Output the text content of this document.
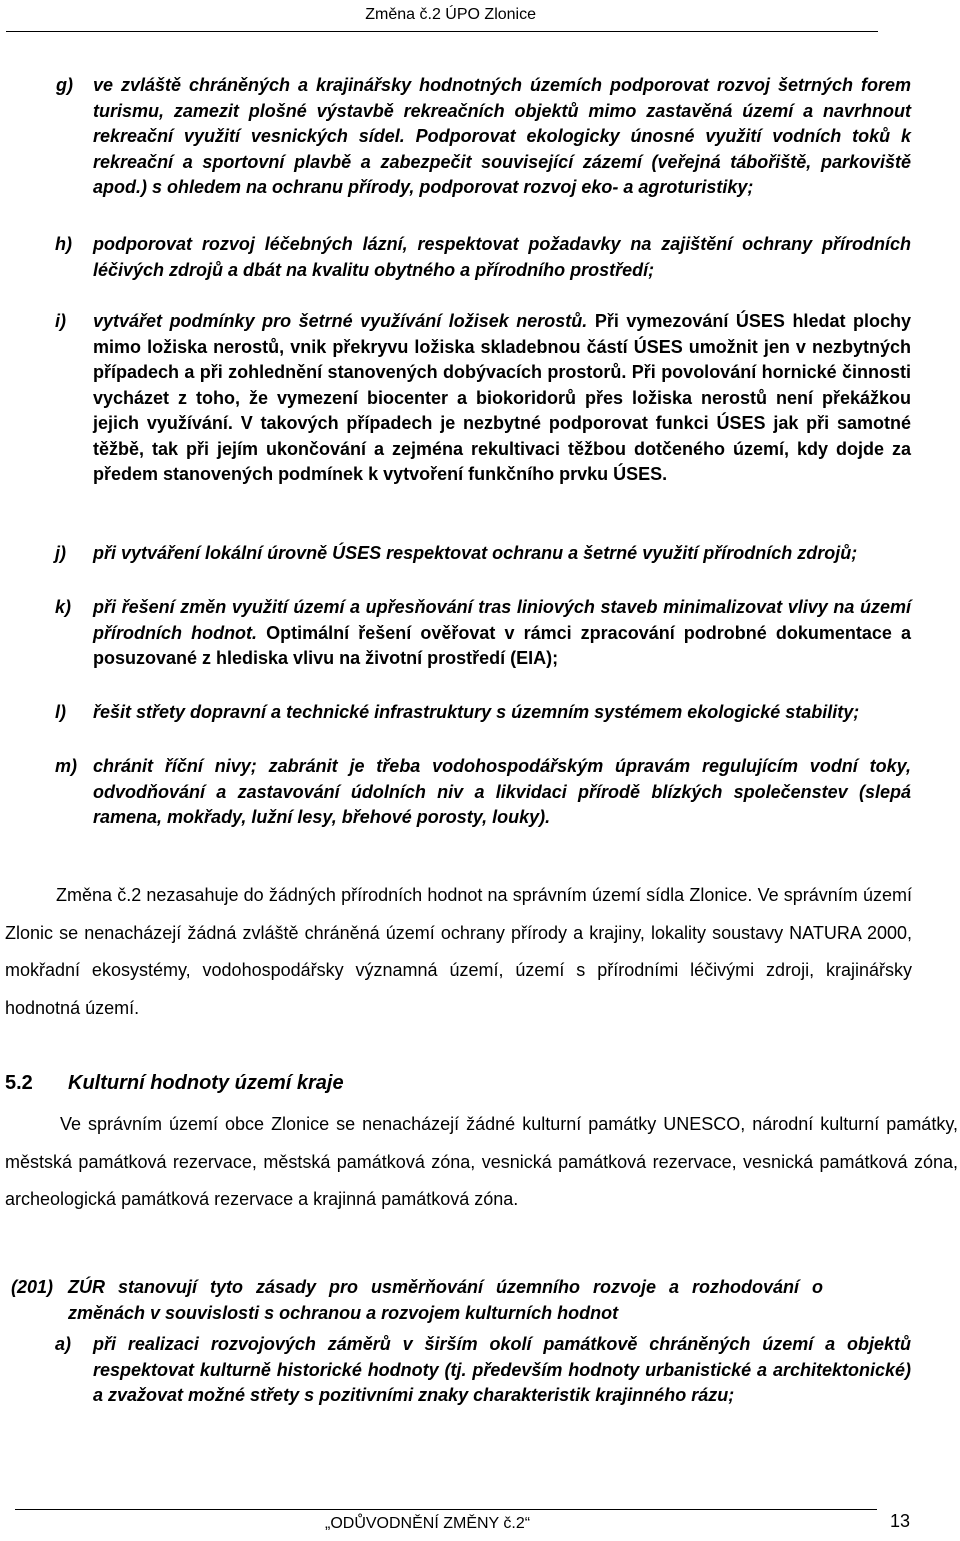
Změna č.2 ÚPO Zlonice
g) ve zvláště chráněných a krajinářsky hodnotných územích podporovat rozvoj šetrných forem turismu, zamezit plošné výstavbě rekreačních objektů mimo zastavěná území a navrhnout rekreační využití vesnických sídel. Podporovat ekologicky únosné využití vodních toků k rekreační a sportovní plavbě a zabezpečit související zázemí (veřejná tábořiště, parkoviště apod.) s ohledem na ochranu přírody, podporovat rozvoj eko- a agroturistiky;
h) podporovat rozvoj léčebných lázní, respektovat požadavky na zajištění ochrany přírodních léčivých zdrojů a dbát na kvalitu obytného a přírodního prostředí;
i) vytvářet podmínky pro šetrné využívání ložisek nerostů. Při vymezování ÚSES hledat plochy mimo ložiska nerostů, vnik překryvu ložiska skladebnou částí ÚSES umožnit jen v nezbytných případech a při zohlednění stanovených dobývacích prostorů. Při povolování hornické činnosti vycházet z toho, že vymezení biocenter a biokoridorů přes ložiska nerostů není překážkou jejich využívání. V takových případech je nezbytné podporovat funkci ÚSES jak při samotné těžbě, tak při jejím ukončování a zejména rekultivaci těžbou dotčeného území, kdy dojde za předem stanovených podmínek k vytvoření funkčního prvku ÚSES.
j) při vytváření lokální úrovně ÚSES respektovat ochranu a šetrné využití přírodních zdrojů;
k) při řešení změn využití území a upřesňování tras liniových staveb minimalizovat vlivy na území přírodních hodnot. Optimální řešení ověřovat v rámci zpracování podrobné dokumentace a posuzované z hlediska vlivu na životní prostředí (EIA);
l) řešit střety dopravní a technické infrastruktury s územním systémem ekologické stability;
m) chránit říční nivy; zabránit je třeba vodohospodářským úpravám regulujícím vodní toky, odvodňování a zastavování údolních niv a likvidaci přírodě blízkých společenstev (slepá ramena, mokřady, lužní lesy, břehové porosty, louky).

Změna č.2 nezasahuje do žádných přírodních hodnot na správním území sídla Zlonice. Ve správním území Zlonic se nenacházejí žádná zvláště chráněná území ochrany přírody a krajiny, lokality soustavy NATURA 2000, mokřadní ekosystémy, vodohospodářsky významná území, území s přírodními léčivými zdroji, krajinářsky hodnotná území.

5.2 Kulturní hodnoty území kraje

Ve správním území obce Zlonice se nenacházejí žádné kulturní památky UNESCO, národní kulturní památky, městská památková rezervace, městská památková zóna, vesnická památková rezervace, vesnická památková zóna, archeologická památková rezervace a krajinná památková zóna.

(201) ZÚR stanovují tyto zásady pro usměrňování územního rozvoje a rozhodování o změnách v souvislosti s ochranou a rozvojem kulturních hodnot
a) při realizaci rozvojových záměrů v širším okolí památkově chráněných území a objektů respektovat kulturně historické hodnoty (tj. především hodnoty urbanistické a architektonické) a zvažovat možné střety s pozitivními znaky charakteristik krajinného rázu;
„ODŮVODNĚNÍ ZMĚNY č.2“	13
